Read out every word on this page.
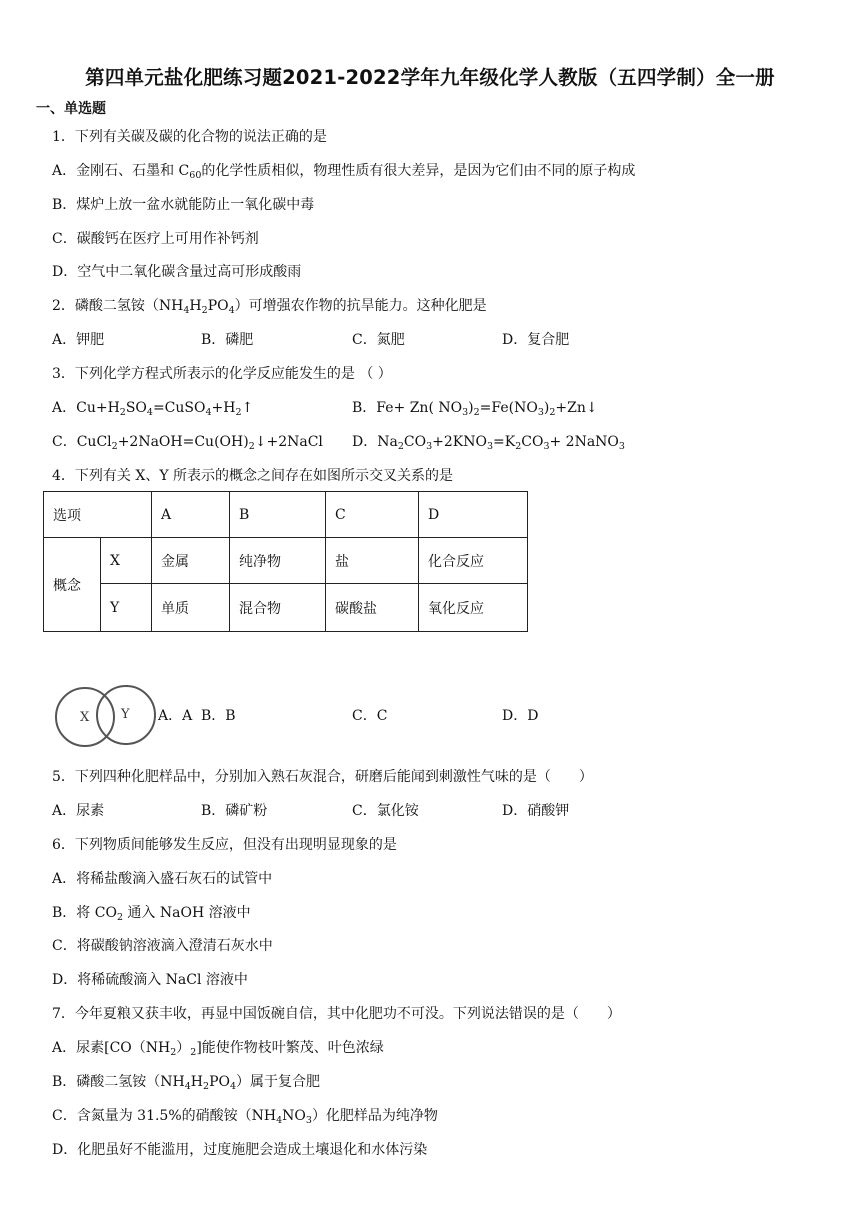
第四单元盐化肥练习题2021-2022学年九年级化学人教版（五四学制）全一册
一、单选题
1．下列有关碳及碳的化合物的说法正确的是
A．金刚石、石墨和 $C_{60}$的化学性质相似，物理性质有很大差异，是因为它们由不同的原子构成
B．煤炉上放一盆水就能防止一氧化碳中毒
C．碳酸钙在医疗上可用作补钙剂
D．空气中二氧化碳含量过高可形成酸雨
2．磷酸二氢铵$(NH_4H_2PO_4)$可增强农作物的抗旱能力。这种化肥是
A．钾肥	B．磷肥	C．氮肥	D．复合肥
3．下列化学方程式所表示的化学反应能发生的是 （ ）
A．$Cu+H_2SO_4=CuSO_4+H_2↑$	B．Fe+ Zn( $NO_3)_2=Fe(NO_3)_2+Zn↓$
C．$CuCl_2+2NaOH=Cu(OH)_2↓+2NaCl$ D．$Na_2CO_3+2KNO_3=K_2CO_3+$ 2NaNO$_3$
4．下列有关 X、Y 所表示的概念之间存在如图所示交叉关系的是
选项		A	B	C	D
概念	X	金属	纯净物	盐	化合反应
	Y	单质	混合物	碳酸盐	氧化反应
X Y A．A B．B	C．C	D．D
5．下列四种化肥样品中，分别加入熟石灰混合，研磨后能闻到刺激性气味的是（　　）
A．尿素	B．磷矿粉	C．氯化铵	D．硝酸钾
6．下列物质间能够发生反应，但没有出现明显现象的是
A．将稀盐酸滴入盛石灰石的试管中
B．将 $CO_2$ 通入 NaOH 溶液中
C．将碳酸钠溶液滴入澄清石灰水中
D．将稀硫酸滴入 NaCl 溶液中
7．今年夏粮又获丰收，再显中国饭碗自信，其中化肥功不可没。下列说法错误的是（　　）
A．尿素$[CO(NH_2)_2]$能使作物枝叶繁茂、叶色浓绿
B．磷酸二氢铵$(NH_4H_2PO_4)$属于复合肥
C．含氮量为 31.5%的硝酸铵$(NH_4NO_3)$化肥样品为纯净物
D．化肥虽好不能滥用，过度施肥会造成土壤退化和水体污染
